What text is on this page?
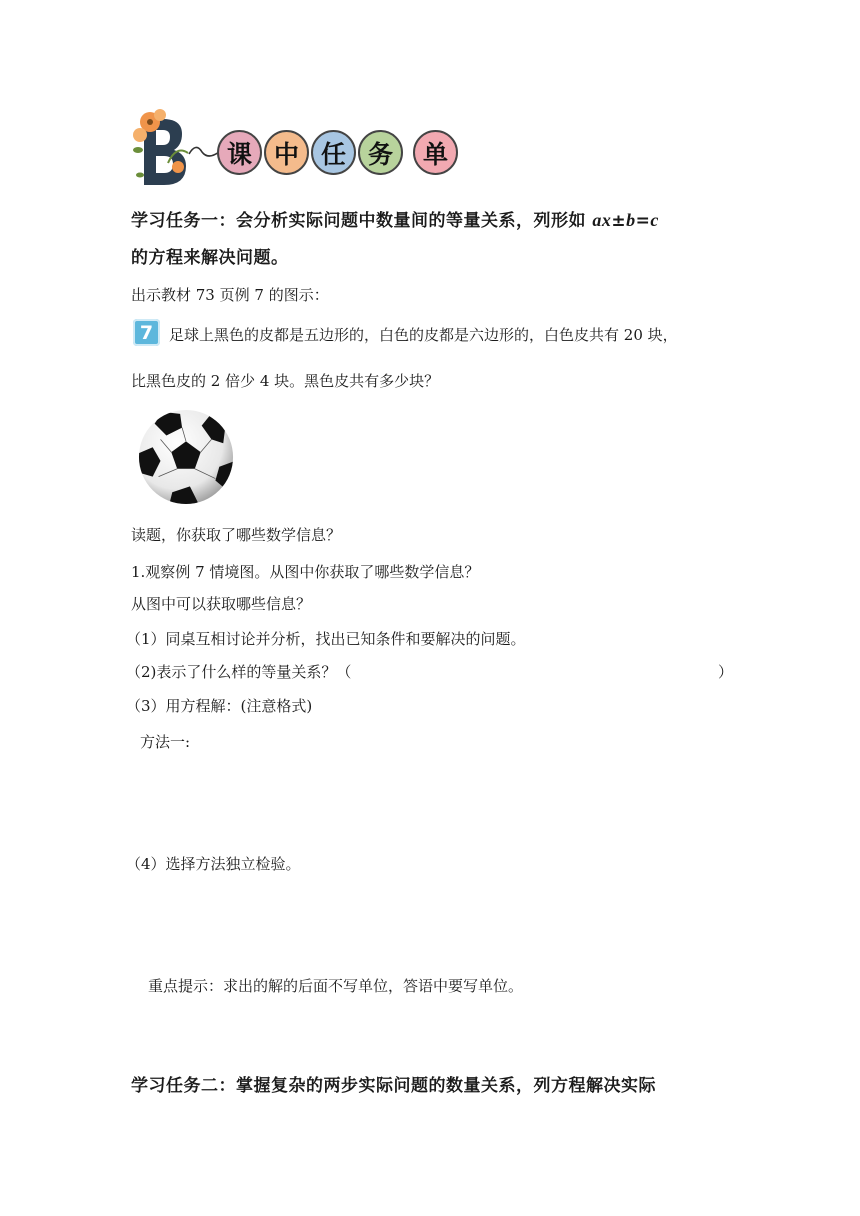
课 中 任 务	单
学习任务一：会分析实际问题中数量间的等量关系，列形如 ax±b=c
的方程来解决问题。
出示教材 73 页例 7 的图示：
7	足球上黑色的皮都是五边形的，白色的皮都是六边形的，白色皮共有 20 块，
比黑色皮的 2 倍少 4 块。黑色皮共有多少块？
读题，你获取了哪些数学信息？
1.观察例 7 情境图。从图中你获取了哪些数学信息？
从图中可以获取哪些信息？
（1）同桌互相讨论并分析，找出已知条件和要解决的问题。
（2)表示了什么样的等量关系？（	）
（3）用方程解：(注意格式)
方法一:
（4）选择方法独立检验。
重点提示：求出的解的后面不写单位，答语中要写单位。
学习任务二：掌握复杂的两步实际问题的数量关系，列方程解决实际
